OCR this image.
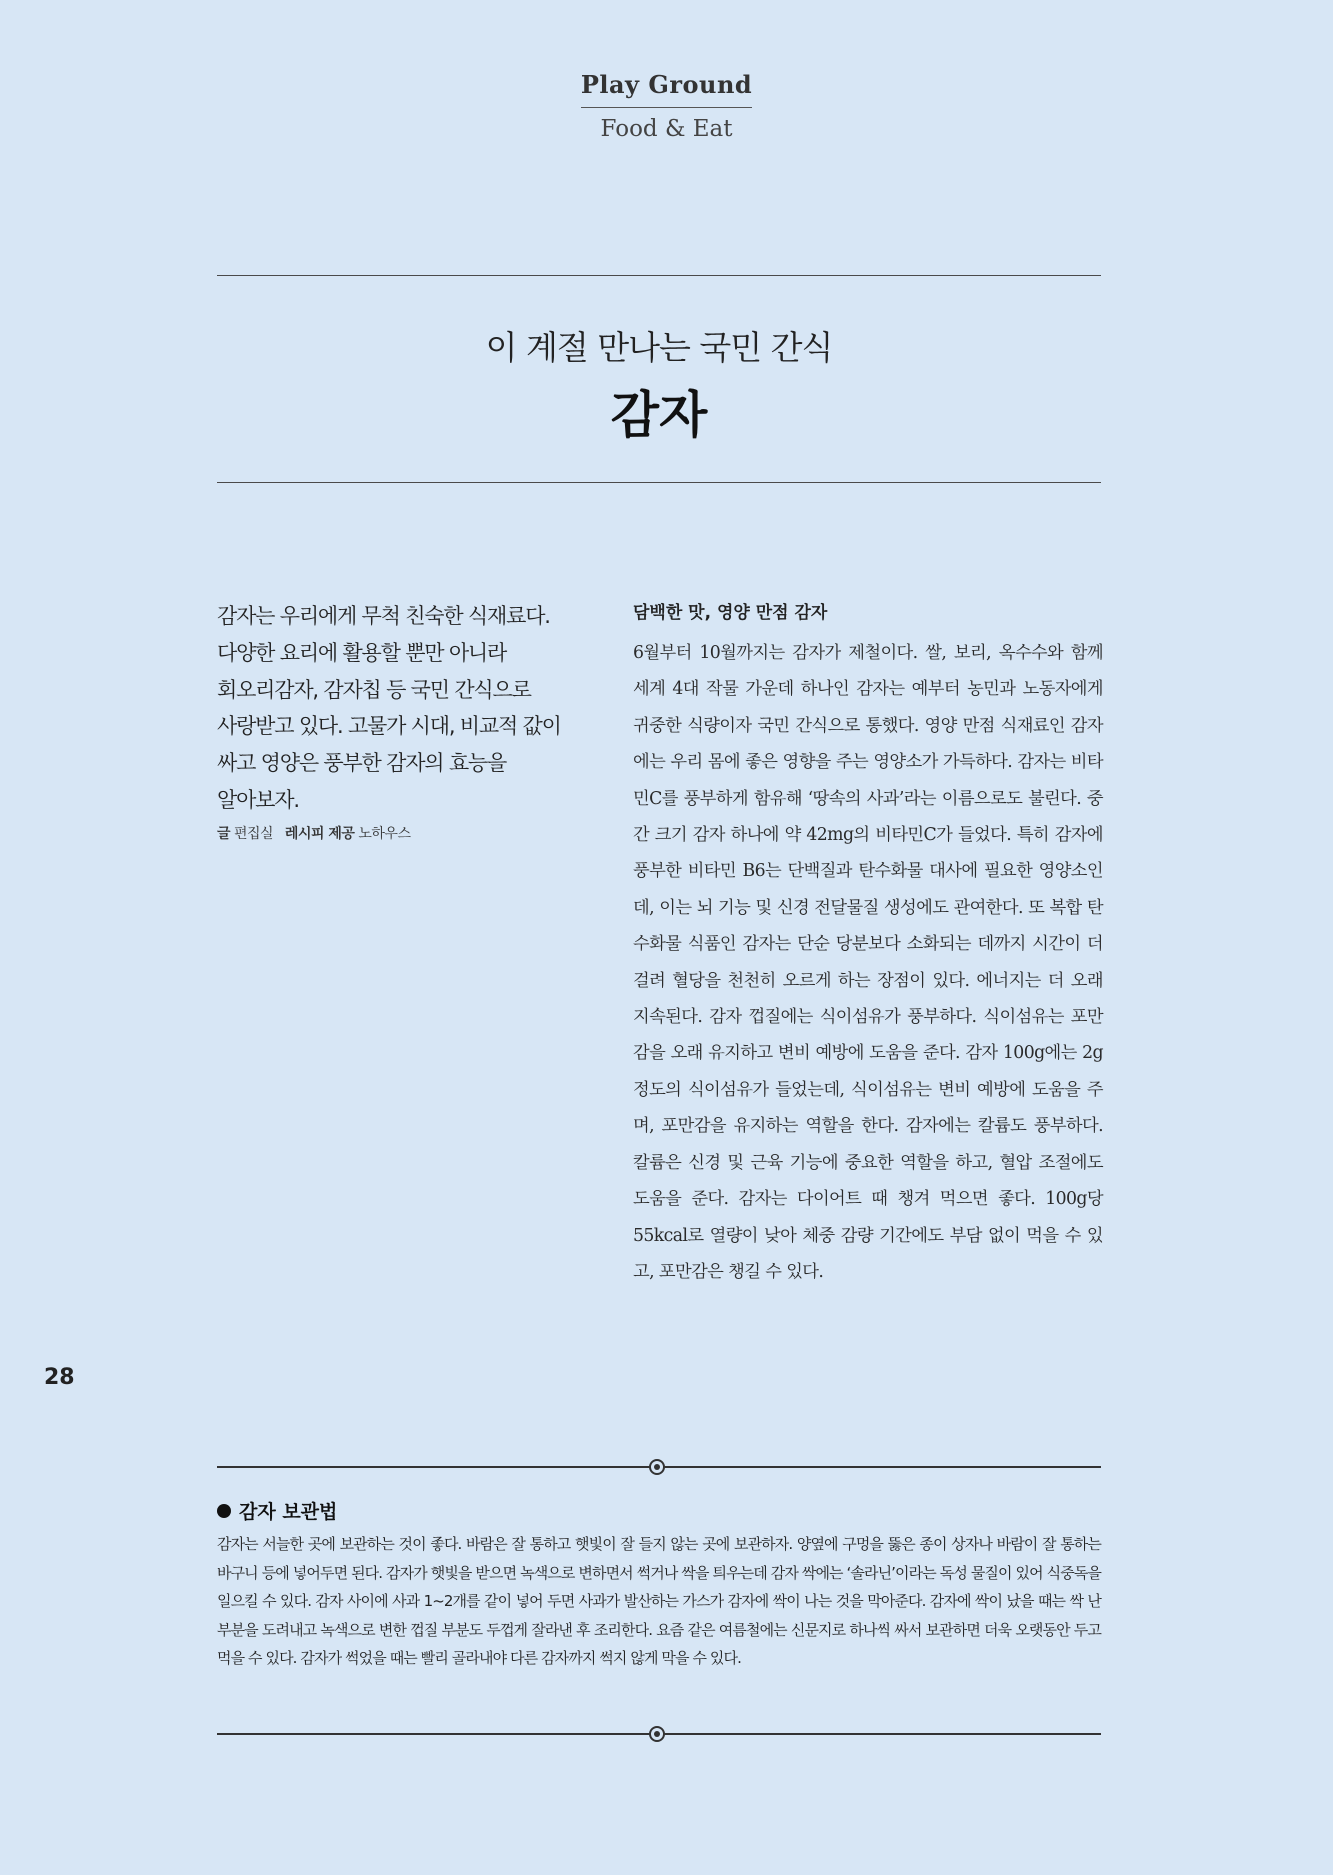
Play Ground
Food & Eat
이 계절 만나는 국민 간식
감자

감자는 우리에게 무척 친숙한 식재료다. 다양한 요리에 활용할 뿐만 아니라 회오리감자, 감자칩 등 국민 간식으로 사랑받고 있다. 고물가 시대, 비교적 값이 싸고 영양은 풍부한 감자의 효능을 알아보자.

글 편집실 레시피 제공 노하우스
담백한 맛, 영양 만점 감자

6월부터 10월까지는 감자가 제철이다. 쌀, 보리, 옥수수와 함께 세계 4대 작물 가운데 하나인 감자는 예부터 농민과 노동자에게 귀중한 식량이자 국민 간식으로 통했다. 영양 만점 식재료인 감자에는 우리 몸에 좋은 영향을 주는 영양소가 가득하다. 감자는 비타민C를 풍부하게 함유해 ‘땅속의 사과’라는 이름으로도 불린다. 중간 크기 감자 하나에 약 42mg의 비타민C가 들었다. 특히 감자에 풍부한 비타민 B6는 단백질과 탄수화물 대사에 필요한 영양소인데, 이는 뇌 기능 및 신경 전달물질 생성에도 관여한다. 또 복합 탄수화물 식품인 감자는 단순 당분보다 소화되는 데까지 시간이 더 걸려 혈당을 천천히 오르게 하는 장점이 있다. 에너지는 더 오래 지속된다. 감자 껍질에는 식이섬유가 풍부하다. 식이섬유는 포만감을 오래 유지하고 변비 예방에 도움을 준다. 감자 100g에는 2g 정도의 식이섬유가 들었는데, 식이섬유는 변비 예방에 도움을 주며, 포만감을 유지하는 역할을 한다. 감자에는 칼륨도 풍부하다. 칼륨은 신경 및 근육 기능에 중요한 역할을 하고, 혈압 조절에도 도움을 준다. 감자는 다이어트 때 챙겨 먹으면 좋다. 100g당 55kcal로 열량이 낮아 체중 감량 기간에도 부담 없이 먹을 수 있고, 포만감은 챙길 수 있다.

28
감자 보관법

감자는 서늘한 곳에 보관하는 것이 좋다. 바람은 잘 통하고 햇빛이 잘 들지 않는 곳에 보관하자. 양옆에 구멍을 뚫은 종이 상자나 바람이 잘 통하는 바구니 등에 넣어두면 된다. 감자가 햇빛을 받으면 녹색으로 변하면서 썩거나 싹을 틔우는데 감자 싹에는 ‘솔라닌’이라는 독성 물질이 있어 식중독을 일으킬 수 있다. 감자 사이에 사과 1~2개를 같이 넣어 두면 사과가 발산하는 가스가 감자에 싹이 나는 것을 막아준다. 감자에 싹이 났을 때는 싹 난 부분을 도려내고 녹색으로 변한 껍질 부분도 두껍게 잘라낸 후 조리한다. 요즘 같은 여름철에는 신문지로 하나씩 싸서 보관하면 더욱 오랫동안 두고 먹을 수 있다. 감자가 썩었을 때는 빨리 골라내야 다른 감자까지 썩지 않게 막을 수 있다.
